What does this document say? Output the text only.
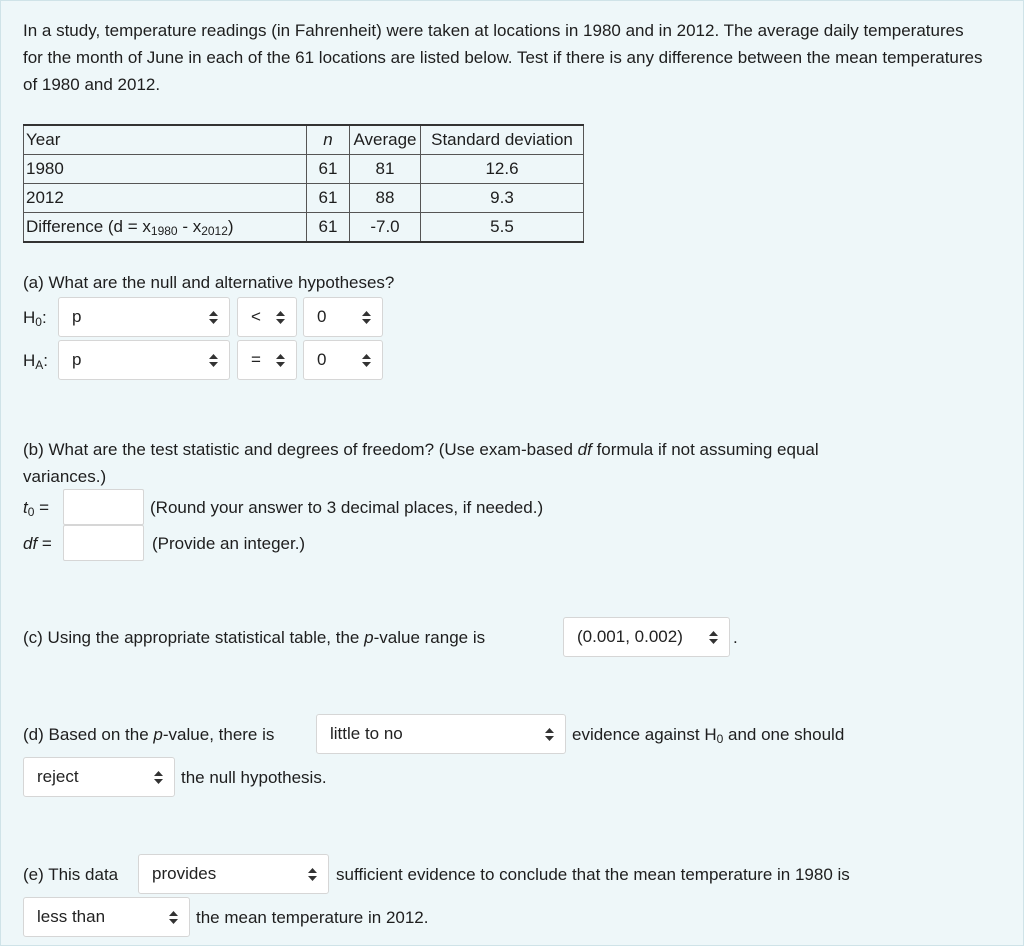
In a study, temperature readings (in Fahrenheit) were taken at locations in 1980 and in 2012. The average daily temperatures for the month of June in each of the 61 locations are listed below. Test if there is any difference between the mean temperatures of 1980 and 2012.
Year	n	Average	Standard deviation
1980	61	81	12.6
2012	61	88	9.3
Difference $(d = x_{1980} - x_{2012})$	61	-7.0	5.5
(a) What are the null and alternative hypotheses?
$H_0$:	p	<	0
$H_A$:	p	=	0
(b) What are the test statistic and degrees of freedom? (Use exam-based df formula if not assuming equal
variances.)
$t_0$ =	(Round your answer to 3 decimal places, if needed.)
df =	(Provide an integer.)
(c) Using the appropriate statistical table, the p-value range is	(0.001, 0.002)	.
(d) Based on the p-value, there is	little to no	evidence against $H_0$ and one should
reject	the null hypothesis.
(e) This data	provides	sufficient evidence to conclude that the mean temperature in 1980 is
less than	the mean temperature in 2012.
